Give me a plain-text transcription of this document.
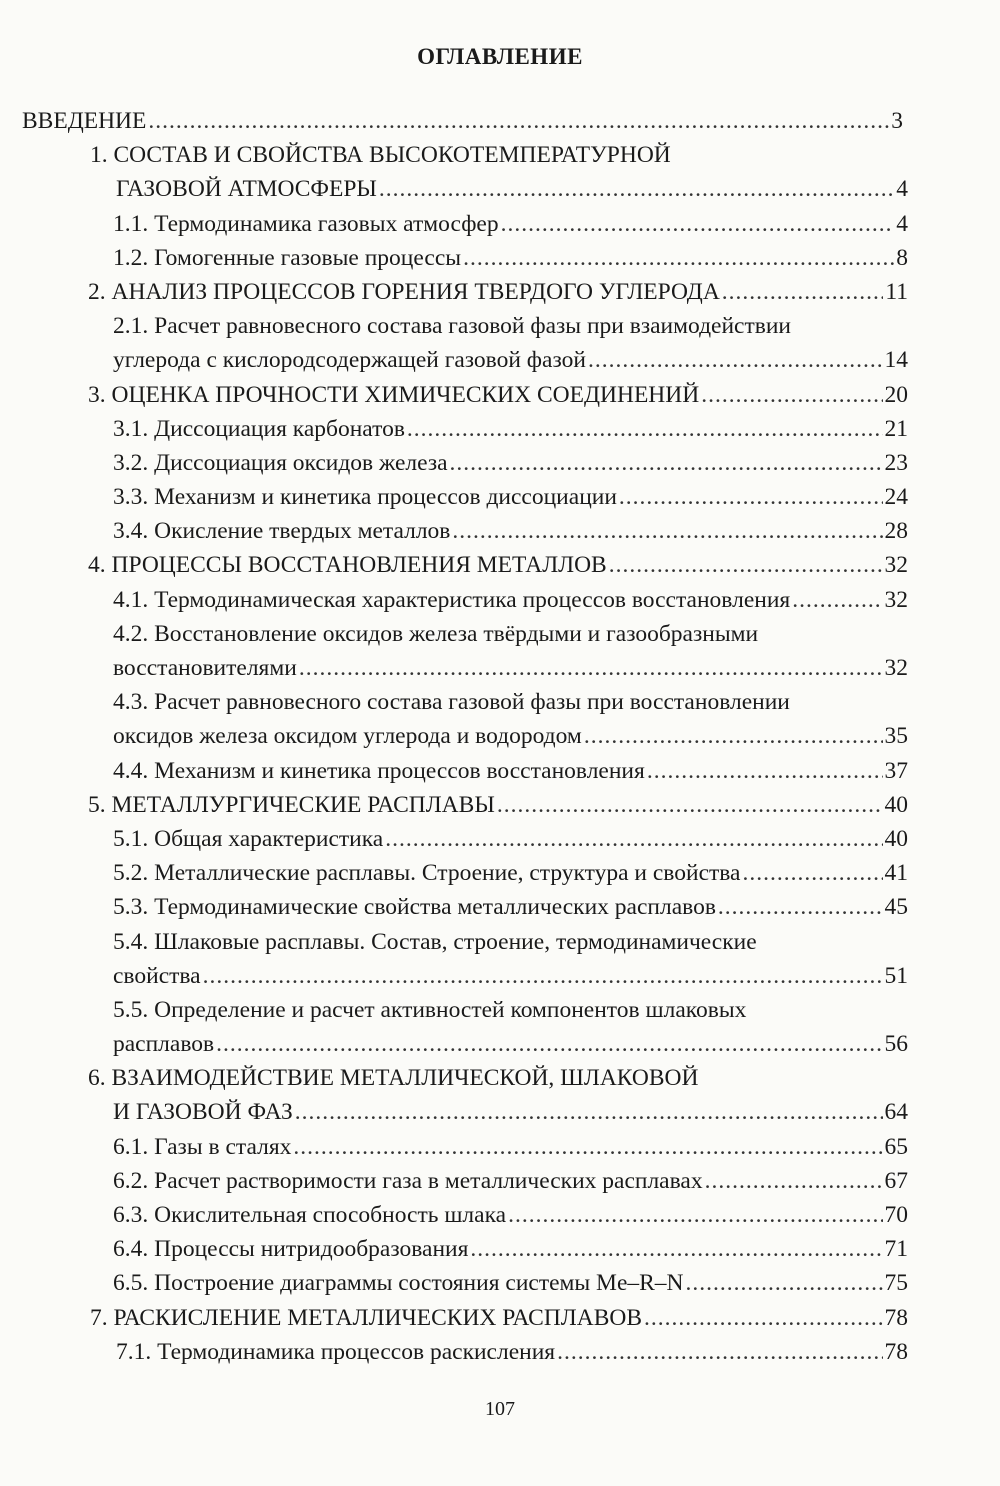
ОГЛАВЛЕНИЕ
ВВЕДЕНИЕ .....	3
1. СОСТАВ И СВОЙСТВА ВЫСОКОТЕМПЕРАТУРНОЙ
ГАЗОВОЙ АТМОСФЕРЫ .....	4
1.1. Термодинамика газовых атмосфер .....	4
1.2. Гомогенные газовые процессы .....	8
2. АНАЛИЗ ПРОЦЕССОВ ГОРЕНИЯ ТВЕРДОГО УГЛЕРОДА .....	11
2.1. Расчет равновесного состава газовой фазы при взаимодействии
углерода с кислородсодержащей газовой фазой .....	14
3. ОЦЕНКА ПРОЧНОСТИ ХИМИЧЕСКИХ СОЕДИНЕНИЙ .....	20
3.1. Диссоциация карбонатов .....	21
3.2. Диссоциация оксидов железа .....	23
3.3. Механизм и кинетика процессов диссоциации .....	24
3.4. Окисление твердых металлов .....	28
4. ПРОЦЕССЫ ВОССТАНОВЛЕНИЯ МЕТАЛЛОВ .....	32
4.1. Термодинамическая характеристика процессов восстановления .....	32
4.2. Восстановление оксидов железа твёрдыми и газообразными
восстановителями .....	32
4.3. Расчет равновесного состава газовой фазы при восстановлении
оксидов железа оксидом углерода и водородом .....	35
4.4. Механизм и кинетика процессов восстановления .....	37
5. МЕТАЛЛУРГИЧЕСКИЕ РАСПЛАВЫ .....	40
5.1. Общая характеристика .....	40
5.2. Металлические расплавы. Строение, структура и свойства .....	41
5.3. Термодинамические свойства металлических расплавов .....	45
5.4. Шлаковые расплавы. Состав, строение, термодинамические
свойства .....	51
5.5. Определение и расчет активностей компонентов шлаковых
расплавов .....	56
6. ВЗАИМОДЕЙСТВИЕ МЕТАЛЛИЧЕСКОЙ, ШЛАКОВОЙ
И ГАЗОВОЙ ФАЗ .....	64
6.1. Газы в сталях .....	65
6.2. Расчет растворимости газа в металлических расплавах .....	67
6.3. Окислительная способность шлака .....	70
6.4. Процессы нитридообразования .....	71
6.5. Построение диаграммы состояния системы Me–R–N .....	75
7. РАСКИСЛЕНИЕ МЕТАЛЛИЧЕСКИХ РАСПЛАВОВ .....	78
7.1. Термодинамика процессов раскисления .....	78
107
